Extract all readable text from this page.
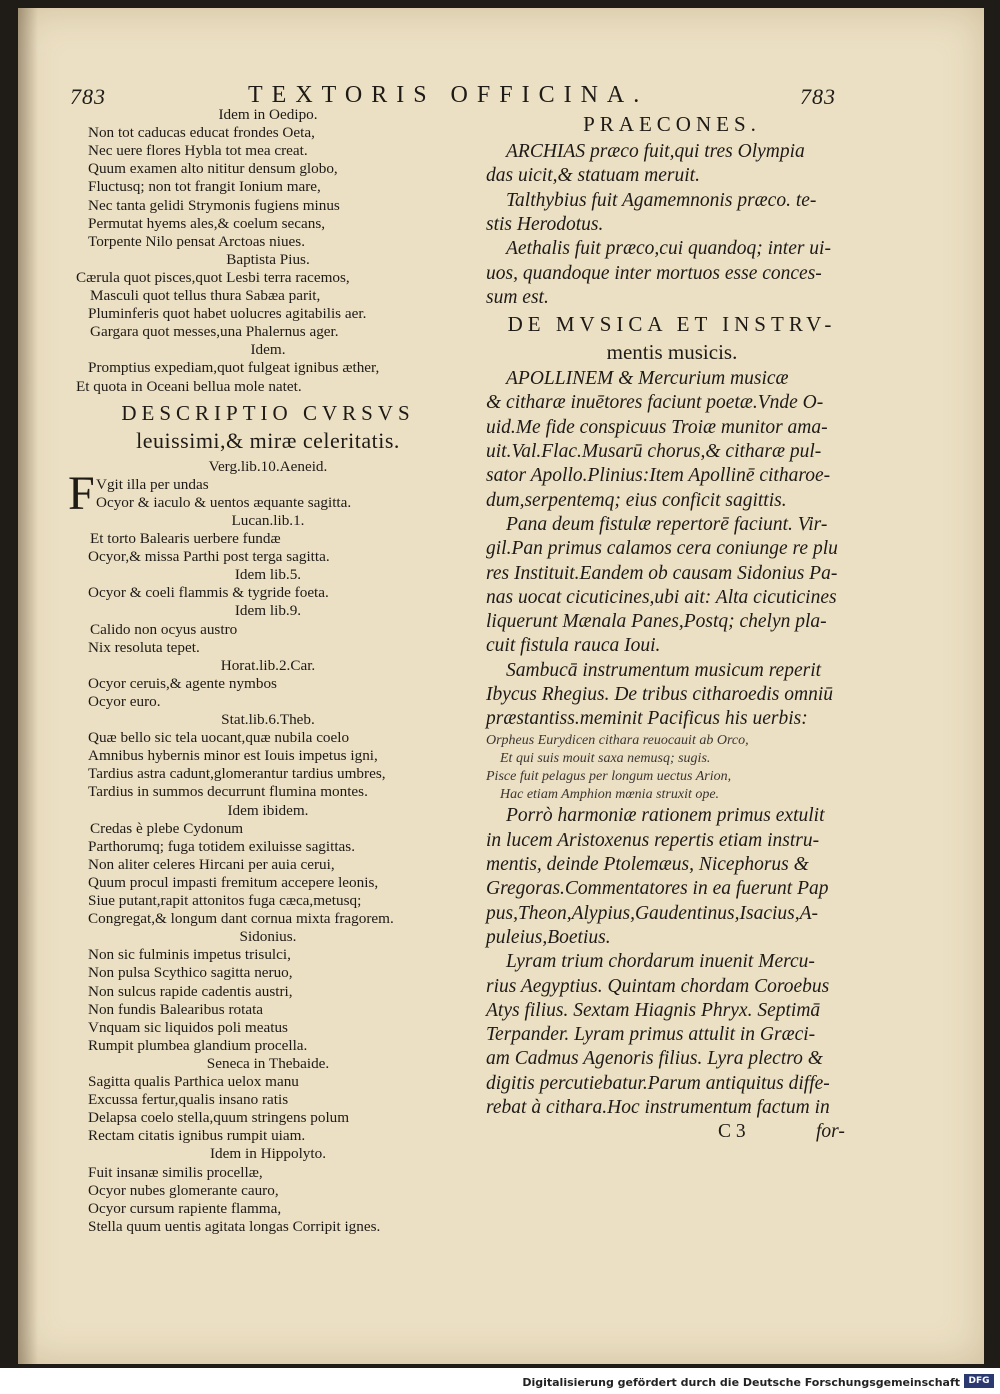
783	TEXTORIS OFFICINA.	783
Idem in Oedipo.
Non tot caducas educat frondes Oeta,
Nec uere flores Hybla tot mea creat.
Quum examen alto nititur densum globo,
Fluctusq; non tot frangit Ionium mare,
Nec tanta gelidi Strymonis fugiens minus
Permutat hyems ales,& coelum secans,
Torpente Nilo pensat Arctoas niues.
Baptista Pius.
Cærula quot pisces,quot Lesbi terra racemos,
Masculi quot tellus thura Sabæa parit,
Pluminferis quot habet uolucres agitabilis aer.
Gargara quot messes,una Phalernus ager.
Idem.
Promptius expediam,quot fulgeat ignibus æther,
Et quota in Oceani bellua mole natet.
DESCRIPTIO CVRSVS
leuissimi,& miræ celeritatis.
Verg.lib.10.Aeneid.
F Vgit illa per undas
Ocyor & iaculo & uentos æquante sagitta.
Lucan.lib.1.
Et torto Balearis uerbere fundæ
Ocyor,& missa Parthi post terga sagitta.
Idem lib.5.
Ocyor & coeli flammis & tygride foeta.
Idem lib.9.
Calido non ocyus austro
Nix resoluta tepet.
Horat.lib.2.Car.
Ocyor ceruis,& agente nymbos
Ocyor euro.
Stat.lib.6.Theb.
Quæ bello sic tela uocant,quæ nubila coelo
Amnibus hybernis minor est Iouis impetus igni,
Tardius astra cadunt,glomerantur tardius umbres,
Tardius in summos decurrunt flumina montes.
Idem ibidem.
Credas è plebe Cydonum
Parthorumq; fuga totidem exiluisse sagittas.
Non aliter celeres Hircani per auia cerui,
Quum procul impasti fremitum accepere leonis,
Siue putant,rapit attonitos fuga cæca,metusq;
Congregat,& longum dant cornua mixta fragorem.
Sidonius.
Non sic fulminis impetus trisulci,
Non pulsa Scythico sagitta neruo,
Non sulcus rapide cadentis austri,
Non fundis Balearibus rotata
Vnquam sic liquidos poli meatus
Rumpit plumbea glandium procella.
Seneca in Thebaide.
Sagitta qualis Parthica uelox manu
Excussa fertur,qualis insano ratis
Delapsa coelo stella,quum stringens polum
Rectam citatis ignibus rumpit uiam.
Idem in Hippolyto.
Fuit insanæ similis procellæ,
Ocyor nubes glomerante cauro,
Ocyor cursum rapiente flamma,
Stella quum uentis agitata longas Corripit ignes.
PRAECONES.
ARCHIAS præco fuit,qui tres Olympia
das uicit,& statuam meruit.
Talthybius fuit Agamemnonis præco. te-
stis Herodotus.
Aethalis fuit præco,cui quandoq; inter ui-
uos, quandoque inter mortuos esse conces-
sum est.
DE MVSICA ET INSTRV-
mentis musicis.
APOLLINEM & Mercurium musicæ
& citharæ inuētores faciunt poetæ.Vnde O-
uid.Me fide conspicuus Troiæ munitor ama-
uit.Val.Flac.Musarū chorus,& citharæ pul-
sator Apollo.Plinius:Item Apollinē citharoe-
dum,serpentemq; eius conficit sagittis.
Pana deum fistulæ repertorē faciunt. Vir-
gil.Pan primus calamos cera coniunge re plu
res Instituit.Eandem ob causam Sidonius Pa-
nas uocat cicuticines,ubi ait: Alta cicuticines
liquerunt Mænala Panes,Postq; chelyn pla-
cuit fistula rauca Ioui.
Sambucā instrumentum musicum reperit
Ibycus Rhegius. De tribus citharoedis omniū
præstantiss.meminit Pacificus his uerbis:
Orpheus Eurydicen cithara reuocauit ab Orco,
Et qui suis mouit saxa nemusq; sugis.
Pisce fuit pelagus per longum uectus Arion,
Hac etiam Amphion mœnia struxit ope.
Porrò harmoniæ rationem primus extulit
in lucem Aristoxenus repertis etiam instru-
mentis, deinde Ptolemæus, Nicephorus &
Gregoras.Commentatores in ea fuerunt Pap
pus,Theon,Alypius,Gaudentinus,Isacius,A-
puleius,Boetius.
Lyram trium chordarum inuenit Mercu-
rius Aegyptius. Quintam chordam Coroebus
Atys filius. Sextam Hiagnis Phryx. Septimā
Terpander. Lyram primus attulit in Græci-
am Cadmus Agenoris filius. Lyra plectro &
digitis percutiebatur.Parum antiquitus diffe-
rebat à cithara.Hoc instrumentum factum in
C 3	for-
Digitalisierung gefördert durch die Deutsche Forschungsgemeinschaft DFG
